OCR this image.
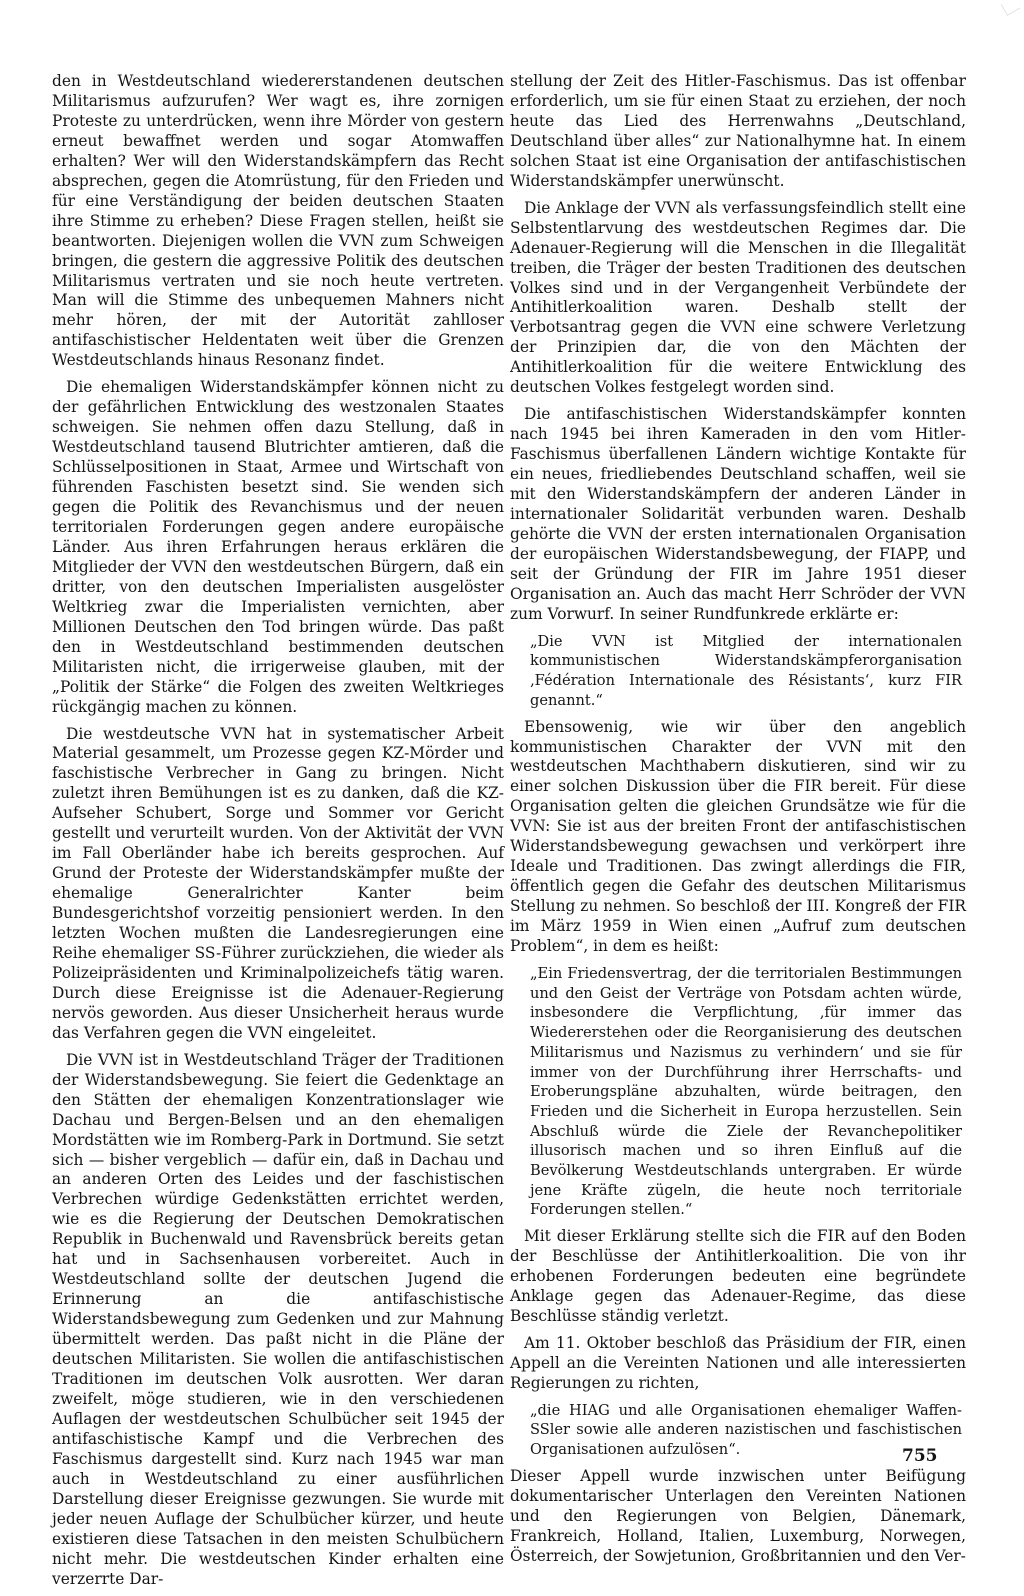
den in Westdeutschland wiedererstandenen deutschen Militarismus aufzurufen? Wer wagt es, ihre zornigen Proteste zu unterdrücken, wenn ihre Mörder von gestern erneut bewaffnet werden und sogar Atomwaffen erhalten? Wer will den Widerstandskämpfern das Recht absprechen, gegen die Atomrüstung, für den Frieden und für eine Verständigung der beiden deutschen Staaten ihre Stimme zu erheben? Diese Fragen stellen, heißt sie beantworten. Diejenigen wollen die VVN zum Schweigen bringen, die gestern die aggressive Politik des deutschen Militarismus vertraten und sie noch heute vertreten. Man will die Stimme des unbequemen Mahners nicht mehr hören, der mit der Autorität zahlloser antifaschistischer Heldentaten weit über die Grenzen Westdeutschlands hinaus Resonanz findet.

Die ehemaligen Widerstandskämpfer können nicht zu der gefährlichen Entwicklung des westzonalen Staates schweigen. Sie nehmen offen dazu Stellung, daß in Westdeutschland tausend Blutrichter amtieren, daß die Schlüsselpositionen in Staat, Armee und Wirtschaft von führenden Faschisten besetzt sind. Sie wenden sich gegen die Politik des Revanchismus und der neuen territorialen Forderungen gegen andere europäische Länder. Aus ihren Erfahrungen heraus erklären die Mitglieder der VVN den westdeutschen Bürgern, daß ein dritter, von den deutschen Imperialisten ausgelöster Weltkrieg zwar die Imperialisten vernichten, aber Millionen Deutschen den Tod bringen würde. Das paßt den in Westdeutschland bestimmenden deutschen Militaristen nicht, die irrigerweise glauben, mit der „Politik der Stärke“ die Folgen des zweiten Weltkrieges rückgängig machen zu können.

Die westdeutsche VVN hat in systematischer Arbeit Material gesammelt, um Prozesse gegen KZ-Mörder und faschistische Verbrecher in Gang zu bringen. Nicht zuletzt ihren Bemühungen ist es zu danken, daß die KZ-Aufseher Schubert, Sorge und Sommer vor Gericht gestellt und verurteilt wurden. Von der Aktivität der VVN im Fall Oberländer habe ich bereits gesprochen. Auf Grund der Proteste der Widerstandskämpfer mußte der ehemalige Generalrichter Kanter beim Bundesgerichtshof vorzeitig pensioniert werden. In den letzten Wochen mußten die Landesregierungen eine Reihe ehemaliger SS-Führer zurückziehen, die wieder als Polizeipräsidenten und Kriminalpolizeichefs tätig waren. Durch diese Ereignisse ist die Adenauer-Regierung nervös geworden. Aus dieser Unsicherheit heraus wurde das Verfahren gegen die VVN eingeleitet.

Die VVN ist in Westdeutschland Träger der Traditionen der Widerstandsbewegung. Sie feiert die Gedenktage an den Stätten der ehemaligen Konzentrationslager wie Dachau und Bergen-Belsen und an den ehemaligen Mordstätten wie im Romberg-Park in Dortmund. Sie setzt sich — bisher vergeblich — dafür ein, daß in Dachau und an anderen Orten des Leides und der faschistischen Verbrechen würdige Gedenkstätten errichtet werden, wie es die Regierung der Deutschen Demokratischen Republik in Buchenwald und Ravensbrück bereits getan hat und in Sachsenhausen vorbereitet. Auch in Westdeutschland sollte der deutschen Jugend die Erinnerung an die antifaschistische Widerstandsbewegung zum Gedenken und zur Mahnung übermittelt werden. Das paßt nicht in die Pläne der deutschen Militaristen. Sie wollen die antifaschistischen Traditionen im deutschen Volk ausrotten. Wer daran zweifelt, möge studieren, wie in den verschiedenen Auflagen der westdeutschen Schulbücher seit 1945 der antifaschistische Kampf und die Verbrechen des Faschismus dargestellt sind. Kurz nach 1945 war man auch in Westdeutschland zu einer ausführlichen Darstellung dieser Ereignisse gezwungen. Sie wurde mit jeder neuen Auflage der Schulbücher kürzer, und heute existieren diese Tatsachen in den meisten Schulbüchern nicht mehr. Die westdeutschen Kinder erhalten eine verzerrte Dar-

stellung der Zeit des Hitler-Faschismus. Das ist offenbar erforderlich, um sie für einen Staat zu erziehen, der noch heute das Lied des Herrenwahns „Deutschland, Deutschland über alles“ zur Nationalhymne hat. In einem solchen Staat ist eine Organisation der antifaschistischen Widerstandskämpfer unerwünscht.

Die Anklage der VVN als verfassungsfeindlich stellt eine Selbstentlarvung des westdeutschen Regimes dar. Die Adenauer-Regierung will die Menschen in die Illegalität treiben, die Träger der besten Traditionen des deutschen Volkes sind und in der Vergangenheit Verbündete der Antihitlerkoalition waren. Deshalb stellt der Verbotsantrag gegen die VVN eine schwere Verletzung der Prinzipien dar, die von den Mächten der Antihitlerkoalition für die weitere Entwicklung des deutschen Volkes festgelegt worden sind.

Die antifaschistischen Widerstandskämpfer konnten nach 1945 bei ihren Kameraden in den vom Hitler-Faschismus überfallenen Ländern wichtige Kontakte für ein neues, friedliebendes Deutschland schaffen, weil sie mit den Widerstandskämpfern der anderen Länder in internationaler Solidarität verbunden waren. Deshalb gehörte die VVN der ersten internationalen Organisation der europäischen Widerstandsbewegung, der FIAPP, und seit der Gründung der FIR im Jahre 1951 dieser Organisation an. Auch das macht Herr Schröder der VVN zum Vorwurf. In seiner Rundfunkrede erklärte er:

„Die VVN ist Mitglied der internationalen kommunistischen Widerstandskämpferorganisation ‚Fédération Internationale des Résistants‘, kurz FIR genannt.“

Ebensowenig, wie wir über den angeblich kommunistischen Charakter der VVN mit den westdeutschen Machthabern diskutieren, sind wir zu einer solchen Diskussion über die FIR bereit. Für diese Organisation gelten die gleichen Grundsätze wie für die VVN: Sie ist aus der breiten Front der antifaschistischen Widerstandsbewegung gewachsen und verkörpert ihre Ideale und Traditionen. Das zwingt allerdings die FIR, öffentlich gegen die Gefahr des deutschen Militarismus Stellung zu nehmen. So beschloß der III. Kongreß der FIR im März 1959 in Wien einen „Aufruf zum deutschen Problem“, in dem es heißt:

„Ein Friedensvertrag, der die territorialen Bestimmungen und den Geist der Verträge von Potsdam achten würde, insbesondere die Verpflichtung, ‚für immer das Wiedererstehen oder die Reorganisierung des deutschen Militarismus und Nazismus zu verhindern‘ und sie für immer von der Durchführung ihrer Herrschafts- und Eroberungspläne abzuhalten, würde beitragen, den Frieden und die Sicherheit in Europa herzustellen. Sein Abschluß würde die Ziele der Revanchepolitiker illusorisch machen und so ihren Einfluß auf die Bevölkerung Westdeutschlands untergraben. Er würde jene Kräfte zügeln, die heute noch territoriale Forderungen stellen.“

Mit dieser Erklärung stellte sich die FIR auf den Boden der Beschlüsse der Antihitlerkoalition. Die von ihr erhobenen Forderungen bedeuten eine begründete Anklage gegen das Adenauer-Regime, das diese Beschlüsse ständig verletzt.

Am 11. Oktober beschloß das Präsidium der FIR, einen Appell an die Vereinten Nationen und alle interessierten Regierungen zu richten,

„die HIAG und alle Organisationen ehemaliger Waffen-SSler sowie alle anderen nazistischen und faschistischen Organisationen aufzulösen“.

Dieser Appell wurde inzwischen unter Beifügung dokumentarischer Unterlagen den Vereinten Nationen und den Regierungen von Belgien, Dänemark, Frankreich, Holland, Italien, Luxemburg, Norwegen, Österreich, der Sowjetunion, Großbritannien und den Ver-

755
